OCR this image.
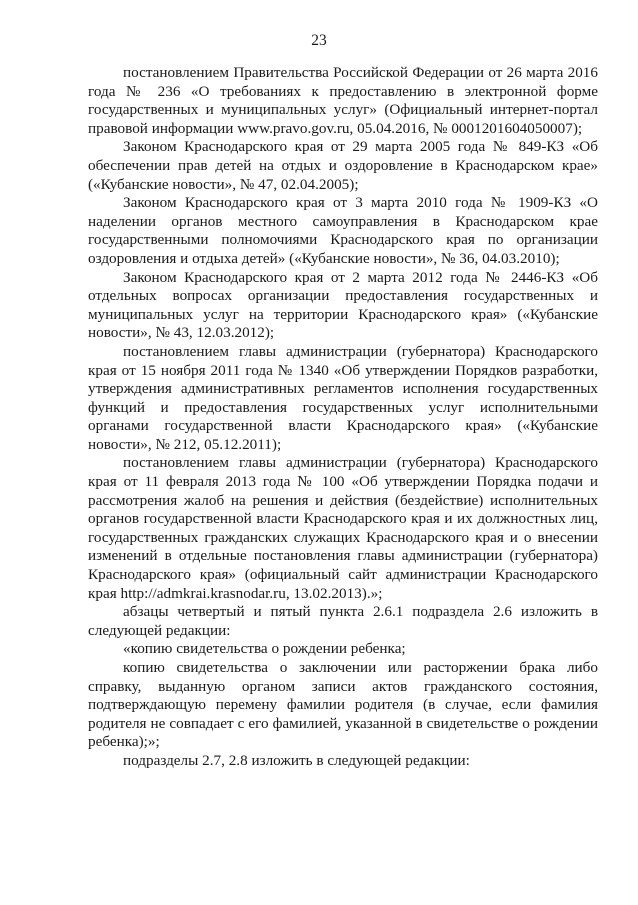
23

постановлением Правительства Российской Федерации от 26 марта 2016 года № 236 «О требованиях к предоставлению в электронной форме государственных и муниципальных услуг» (Официальный интернет-портал правовой информации www.pravo.gov.ru, 05.04.2016, № 0001201604050007);

Законом Краснодарского края от 29 марта 2005 года № 849-КЗ «Об обеспечении прав детей на отдых и оздоровление в Краснодарском крае» («Кубанские новости», № 47, 02.04.2005);

Законом Краснодарского края от 3 марта 2010 года № 1909-КЗ «О наделении органов местного самоуправления в Краснодарском крае государственными полномочиями Краснодарского края по организации оздоровления и отдыха детей» («Кубанские новости», № 36, 04.03.2010);

Законом Краснодарского края от 2 марта 2012 года № 2446-КЗ «Об отдельных вопросах организации предоставления государственных и муниципальных услуг на территории Краснодарского края» («Кубанские новости», № 43, 12.03.2012);

постановлением главы администрации (губернатора) Краснодарского края от 15 ноября 2011 года № 1340 «Об утверждении Порядков разработки, утверждения административных регламентов исполнения государственных функций и предоставления государственных услуг исполнительными органами государственной власти Краснодарского края» («Кубанские новости», № 212, 05.12.2011);

постановлением главы администрации (губернатора) Краснодарского края от 11 февраля 2013 года № 100 «Об утверждении Порядка подачи и рассмотрения жалоб на решения и действия (бездействие) исполнительных органов государственной власти Краснодарского края и их должностных лиц, государственных гражданских служащих Краснодарского края и о внесении изменений в отдельные постановления главы администрации (губернатора) Краснодарского края» (официальный сайт администрации Краснодарского края http://admkrai.krasnodar.ru, 13.02.2013).»;

абзацы четвертый и пятый пункта 2.6.1 подраздела 2.6 изложить в следующей редакции:

«копию свидетельства о рождении ребенка;

копию свидетельства о заключении или расторжении брака либо справку, выданную органом записи актов гражданского состояния, подтверждающую перемену фамилии родителя (в случае, если фамилия родителя не совпадает с его фамилией, указанной в свидетельстве о рождении ребенка);»;

подразделы 2.7, 2.8 изложить в следующей редакции:
